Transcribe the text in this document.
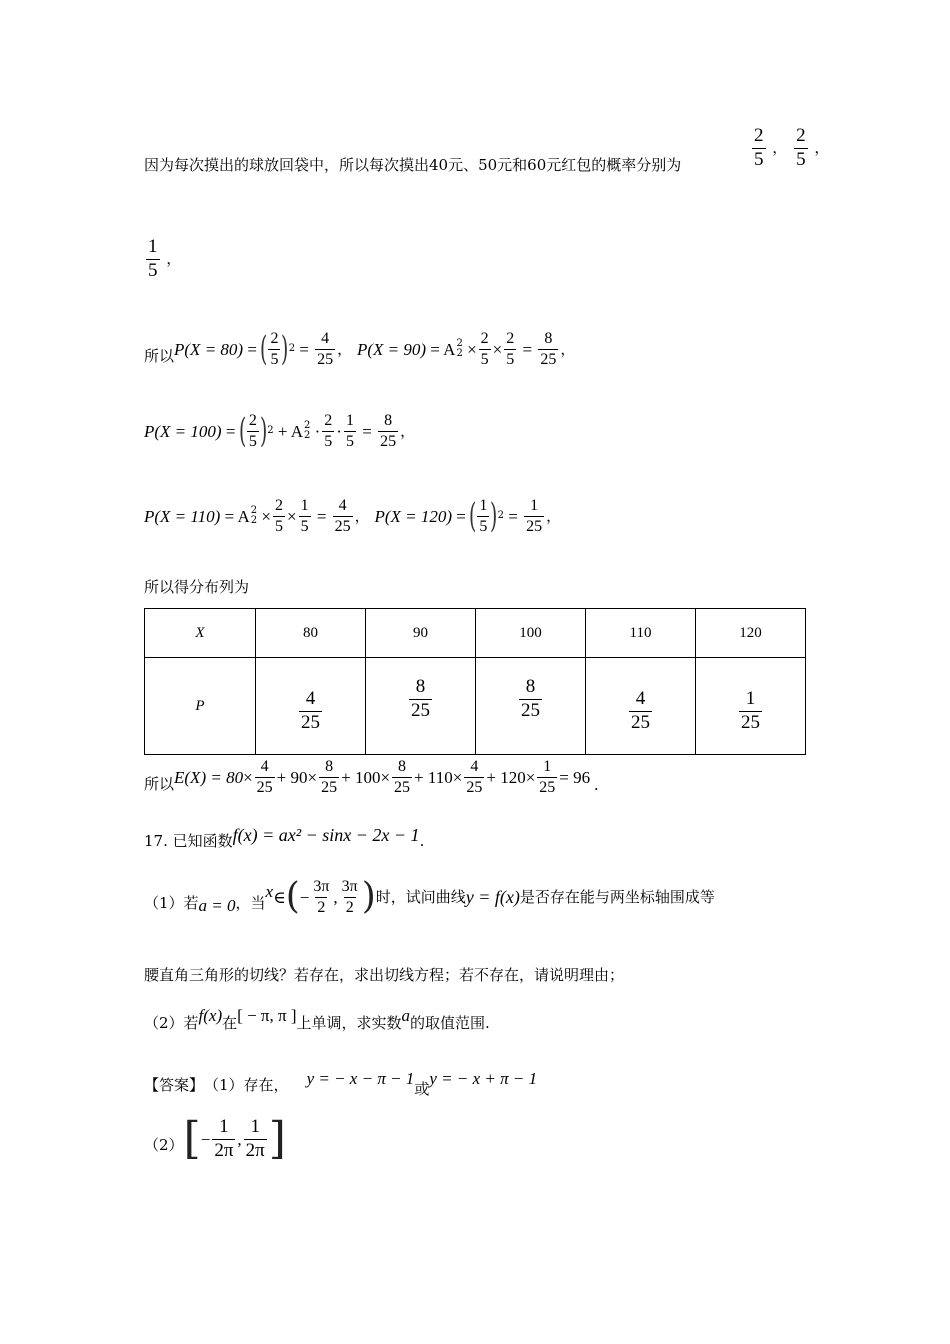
因为每次摸出的球放回袋中，所以每次摸出40元、50元和60元红包的概率分别为	$\frac{2}{5}$ ， $\frac{2}{5}$ ，
$\frac{1}{5}$ ，
所以 P(X = 80) =
( 2
5 ) $2 = \frac{4}{25}$ ， P(X = 90) = A 2
$2 \times \frac{2}{5} \times \frac{2}{5} = \frac{8}{25}$ ，
P(X = 100) =
( 2
5 ) 2 + A 2
2 ·
2
5
· $\frac{1}{5} = \frac{8}{25}$ ，
P(X = 110) = A 2
$2 \times \frac{2}{5} \times \frac{1}{5} = \frac{4}{25}$ ， P(X = 120) =
( 1
5 ) $2 = \frac{1}{25}$ ，
所以得分布列为
X	80	90	100	110	120
P	$\frac{4}{25}$	$\frac{8}{25}$	$\frac{8}{25}$	$\frac{4}{25}$	$\frac{1}{25}$
所以 $E(X) = 80 \times \frac{4}{25} + 90 \times \frac{8}{25} + 100 \times \frac{8}{25} + 110 \times \frac{4}{25} + 120 \times \frac{1}{25} = 96$ .
17. 已知函数 f(x) = ax² − sinx − 2x − 1 .
（1）若 a = 0 ，当
x ∈ ( − $\frac{3\pi}{2}$ ,
3π
2 ) 时，试问曲线 y = f(x) 是否存在能与两坐标轴围成等
腰直角三角形的切线？若存在，求出切线方程；若不存在，请说明理由；
（2）若 f(x) 在 [ − π, π ] 上单调，求实数 a 的取值范围.
【答案】 （1）存在， y = − x − π − 1
或
y = − x + π − 1
（2） [ − $\frac{1}{2\pi}$ ,
1
2π ]
